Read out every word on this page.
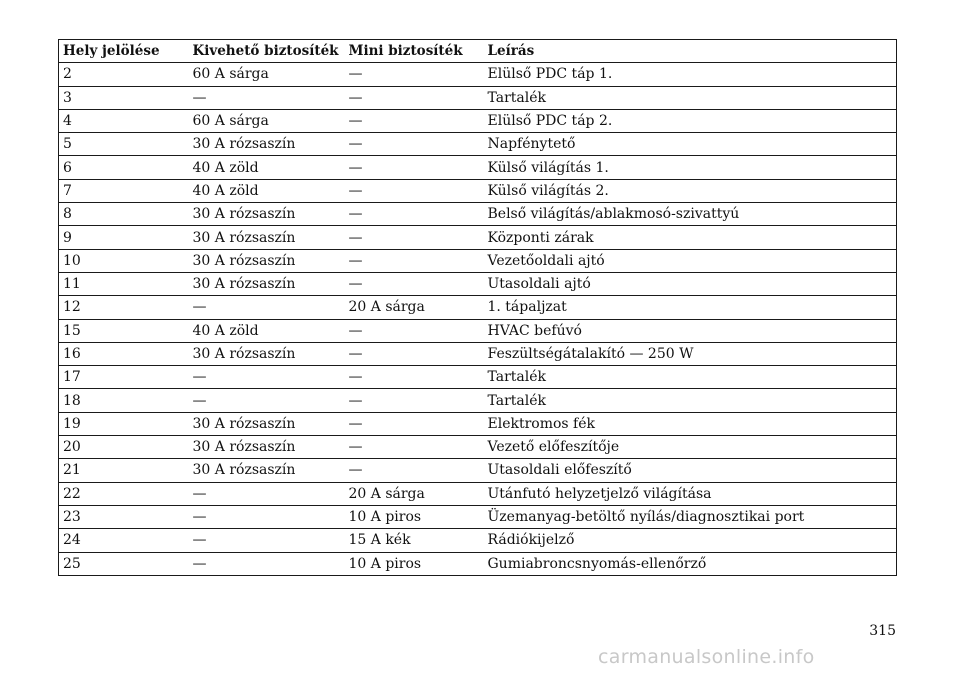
Hely jelölése	Kivehető biztosíték	Mini biztosíték	Leírás
2	60 A sárga	—	Elülső PDC táp 1.
3	—	—	Tartalék
4	60 A sárga	—	Elülső PDC táp 2.
5	30 A rózsaszín	—	Napfénytető
6	40 A zöld	—	Külső világítás 1.
7	40 A zöld	—	Külső világítás 2.
8	30 A rózsaszín	—	Belső világítás/ablakmosó-szivattyú
9	30 A rózsaszín	—	Központi zárak
10	30 A rózsaszín	—	Vezetőoldali ajtó
11	30 A rózsaszín	—	Utasoldali ajtó
12	—	20 A sárga	1. tápaljzat
15	40 A zöld	—	HVAC befúvó
16	30 A rózsaszín	—	Feszültségátalakító — 250 W
17	—	—	Tartalék
18	—	—	Tartalék
19	30 A rózsaszín	—	Elektromos fék
20	30 A rózsaszín	—	Vezető előfeszítője
21	30 A rózsaszín	—	Utasoldali előfeszítő
22	—	20 A sárga	Utánfutó helyzetjelző világítása
23	—	10 A piros	Üzemanyag-betöltő nyílás/diagnosztikai port
24	—	15 A kék	Rádiókijelző
25	—	10 A piros	Gumiabroncsnyomás-ellenőrző
315
carmanualsonline.info
